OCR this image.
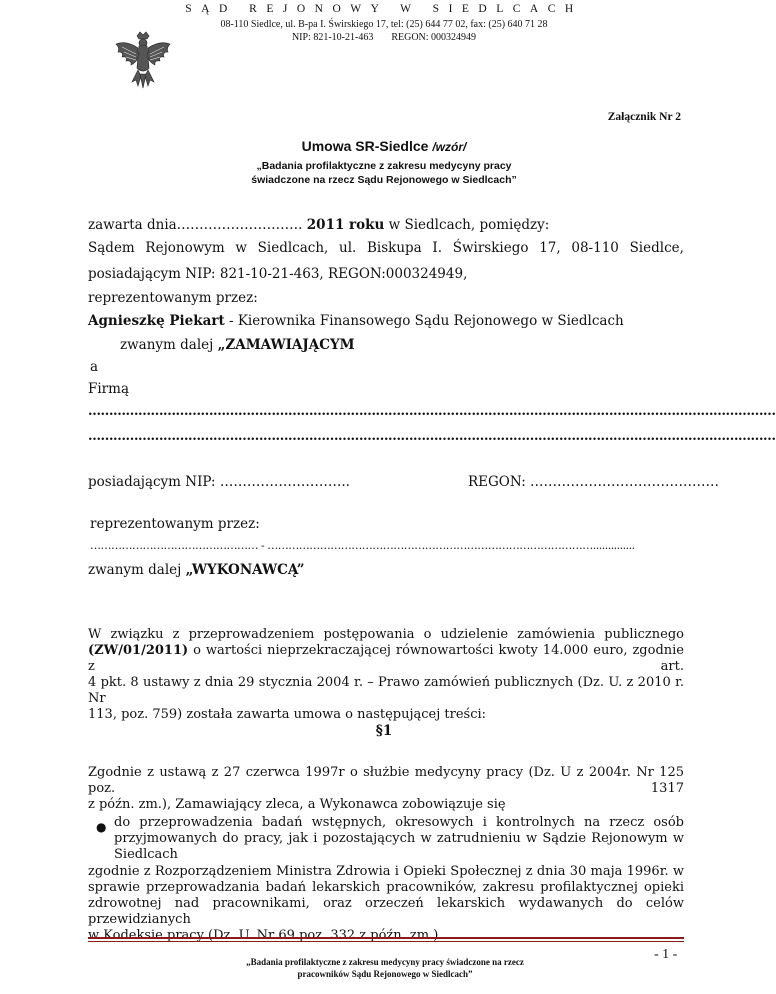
SĄD REJONOWY W SIEDLCACH
08-110 Siedlce, ul. B-pa I. Świrskiego 17, tel: (25) 644 77 02, fax: (25) 640 71 28
NIP: 821-10-21-463 REGON: 000324949
Załącznik Nr 2
Umowa SR-Siedlce /wzór/
„Badania profilaktyczne z zakresu medycyny pracy
świadczone na rzecz Sądu Rejonowego w Siedlcach”
zawarta dnia………………………. 2011 roku w Siedlcach, pomiędzy:
Sądem Rejonowym w Siedlcach, ul. Biskupa I. Świrskiego 17, 08-110 Siedlce,
posiadającym NIP: 821-10-21-463, REGON:000324949,
reprezentowanym przez:
Agnieszkę Piekart - Kierownika Finansowego Sądu Rejonowego w Siedlcach
zwanym dalej „ZAMAWIAJĄCYM
a
Firmą
…………………………………………………………………………………………………………………………………………………
…………………………………………………………………………………………………………………………………………………
posiadającym NIP: ………………………..	REGON: ……………………………………
reprezentowanym przez:
………………………………………… - …………………………………………………………………………………..............
zwanym dalej „WYKONAWCĄ”
W związku z przeprowadzeniem postępowania o udzielenie zamówienia publicznego
(ZW/01/2011) o wartości nieprzekraczającej równowartości kwoty 14.000 euro, zgodnie z art.
4 pkt. 8 ustawy z dnia 29 stycznia 2004 r. – Prawo zamówień publicznych (Dz. U. z 2010 r. Nr
113, poz. 759) została zawarta umowa o następującej treści:
§1
Zgodnie z ustawą z 27 czerwca 1997r o służbie medycyny pracy (Dz. U z 2004r. Nr 125 poz. 1317
z późn. zm.), Zamawiający zleca, a Wykonawca zobowiązuje się
● do przeprowadzenia badań wstępnych, okresowych i kontrolnych na rzecz osób
przyjmowanych do pracy, jak i pozostających w zatrudnieniu w Sądzie Rejonowym w
Siedlcach
zgodnie z Rozporządzeniem Ministra Zdrowia i Opieki Społecznej z dnia 30 maja 1996r. w
sprawie przeprowadzania badań lekarskich pracowników, zakresu profilaktycznej opieki
zdrowotnej nad pracownikami, oraz orzeczeń lekarskich wydawanych do celów przewidzianych
w Kodeksie pracy (Dz. U. Nr 69 poz. 332 z późn. zm.).
„Badania profilaktyczne z zakresu medycyny pracy świadczone na rzecz
pracowników Sądu Rejonowego w Siedlcach”
- 1 -
